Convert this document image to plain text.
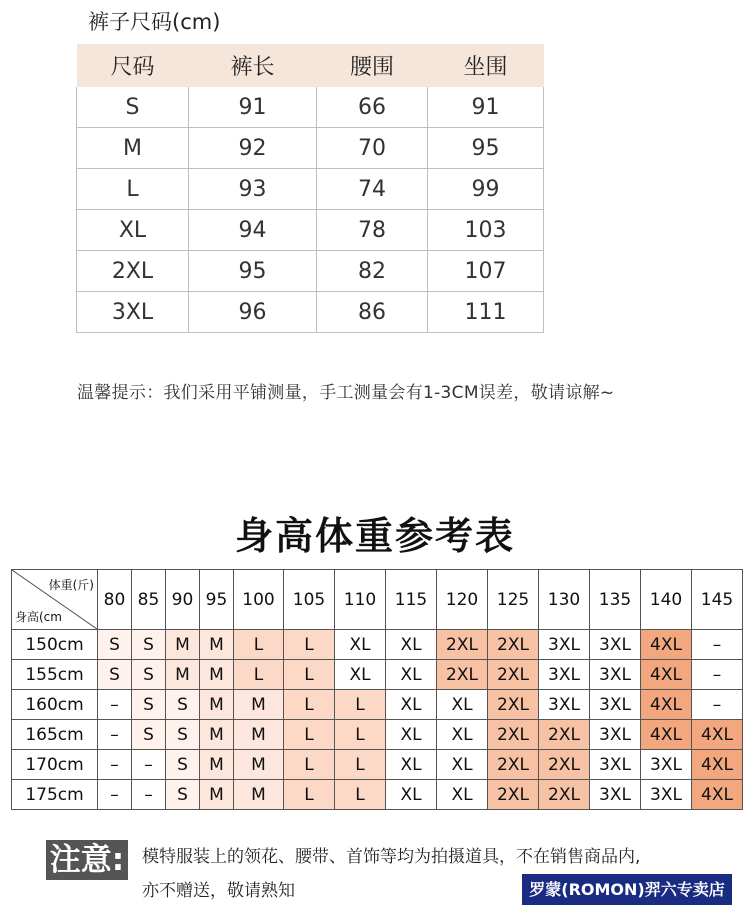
裤子尺码(cm)
尺码	裤长	腰围	坐围
S	91	66	91
M	92	70	95
L	93	74	99
XL	94	78	103
2XL	95	82	107
3XL	96	86	111
温馨提示：我们采用平铺测量，手工测量会有1-3CM误差，敬请谅解~
身高体重参考表
体重(斤)
身高(cm	80	85	90	95	100	105	110	115	120	125	130	135	140	145
150cm	S	S	M	M	L	L	XL	XL	2XL	2XL	3XL	3XL	4XL	–
155cm	S	S	M	M	L	L	XL	XL	2XL	2XL	3XL	3XL	4XL	–
160cm	–	S	S	M	M	L	L	XL	XL	2XL	3XL	3XL	4XL	–
165cm	–	S	S	M	M	L	L	XL	XL	2XL	2XL	3XL	4XL	4XL
170cm	–	–	S	M	M	L	L	XL	XL	2XL	2XL	3XL	3XL	4XL
175cm	–	–	S	M	M	L	L	XL	XL	2XL	2XL	3XL	3XL	4XL
注意: 模特服装上的领花、腰带、首饰等均为拍摄道具，不在销售商品内,
亦不赠送，敬请熟知	罗蒙(ROMON)羿六专卖店
